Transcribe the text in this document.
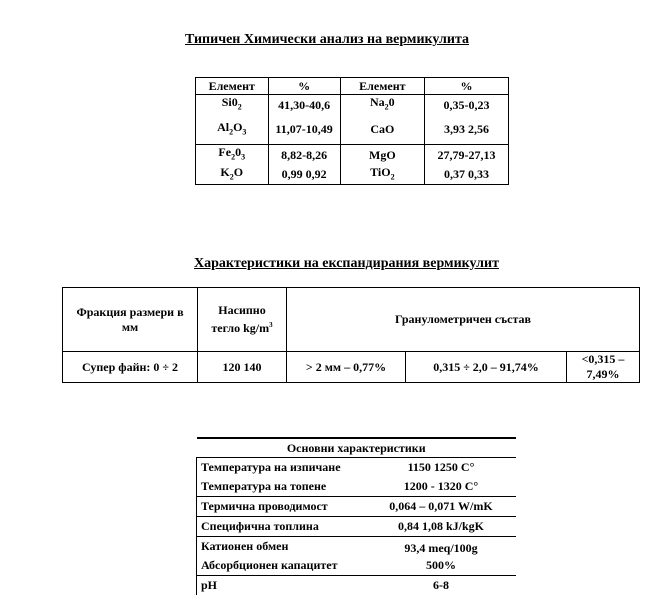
Типичен Химически анализ на вермикулита
Елемент	%	Елемент	%
$Si0_2$	41,30-40,6	$Na_20$	0,35-0,23
$Al_2O_3$	11,07-10,49	CaO	3,93 2,56
$Fe_20_3$	8,82-8,26	MgO	27,79-27,13
$K_2O$	0,99 0,92	TiO$_2$	0,37 0,33
Характеристики на експандирания вермикулит
Фракция размери в мм	Насипно тегло $kg/m^3$	Гранулометричен състав		
Супер файн: 0 ÷ 2	120 140	> 2 мм – 0,77%	0,315 ÷ 2,0 – 91,74%	<0,315 – 7,49%
Основни характеристики	
Температура на изпичане	1150 1250 C°
Температура на топене	1200 - 1320 C°
Термична проводимост	0,064 – 0,071 W/mK
Специфична топлина	0,84 1,08 kJ/kgK
Катионен обмен	93,4 meq/100g
Абсорбционен капацитет	500%
pH	6-8
